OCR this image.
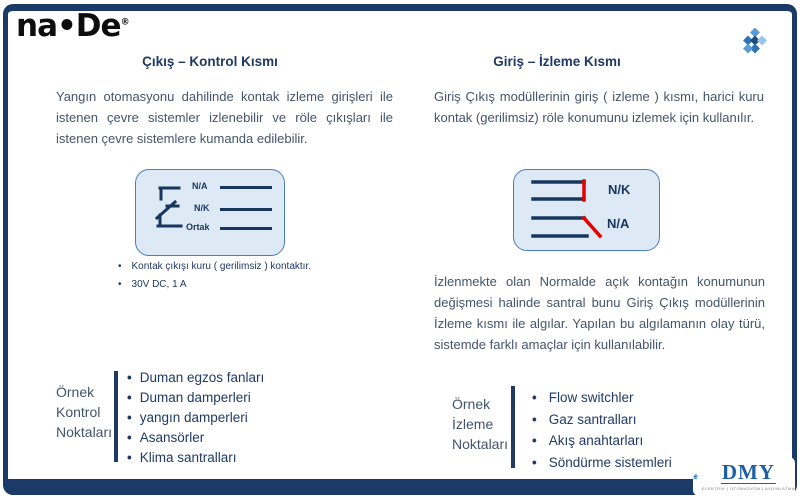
na•De®
Çıkış – Kontrol Kısmı	Giriş – İzleme Kısmı
Yangın otomasyonu dahilinde kontak izleme girişleri ile istenen çevre sistemler izlenebilir ve röle çıkışları ile istenen çevre sistemlere kumanda edilebilir.
Giriş Çıkış modüllerinin giriş ( izleme ) kısmı, harici kuru kontak (gerilimsiz) röle konumunu izlemek için kullanılır.
İzlenmekte olan Normalde açık kontağın konumunun değişmesi halinde santral bunu Giriş Çıkış modüllerinin İzleme kısmı ile algılar. Yapılan bu algılamanın olay türü, sistemde farklı amaçlar için kullanılabilir.
N/A
N/K
Ortak
• Kontak çıkışı kuru ( gerilimsiz ) kontaktır.
• 30V DC, 1 A
N/K
N/A
Örnek
Kontrol
Noktaları
• Duman egzos fanları
• Duman damperleri
• yangın damperleri
• Asansörler
• Klima santralları
Örnek
İzleme
Noktaları
• Flow switchler
• Gaz santralları
• Akış anahtarları
• Söndürme sistemleri DMY
ELEKTRİK | OTOMASYON | AYDINLATMA
